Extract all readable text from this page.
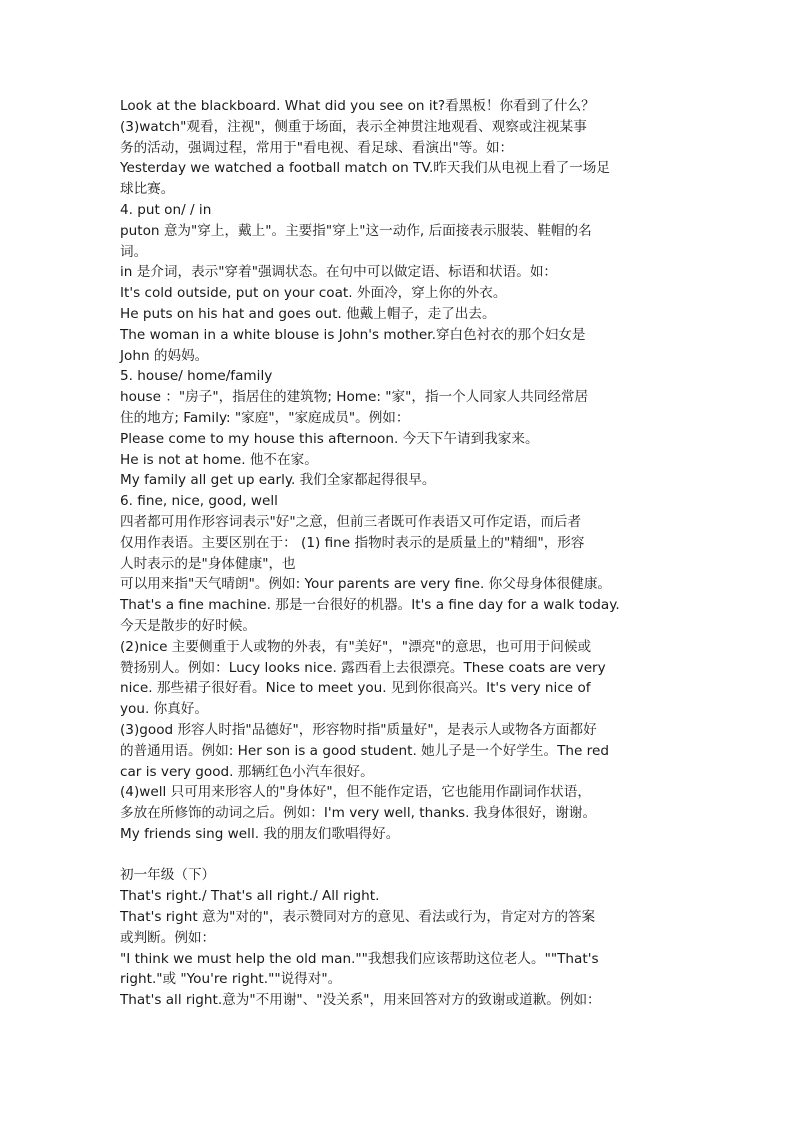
Look at the blackboard. What did you see on it?看黑板！你看到了什么？
(3)watch"观看，注视"，侧重于场面，表示全神贯注地观看、观察或注视某事
务的活动，强调过程，常用于"看电视、看足球、看演出"等。如：
Yesterday we watched a football match on TV.昨天我们从电视上看了一场足
球比赛。
4. put on/ / in
puton 意为"穿上，戴上"。主要指"穿上"这一动作, 后面接表示服装、鞋帽的名
词。
in 是介词，表示"穿着"强调状态。在句中可以做定语、标语和状语。如：
It's cold outside, put on your coat. 外面冷，穿上你的外衣。
He puts on his hat and goes out. 他戴上帽子，走了出去。
The woman in a white blouse is John's mother.穿白色衬衣的那个妇女是
John 的妈妈。
5. house/ home/family
house ："房子"，指居住的建筑物; Home: "家"，指一个人同家人共同经常居
住的地方; Family: "家庭"，"家庭成员"。例如：
Please come to my house this afternoon. 今天下午请到我家来。
He is not at home. 他不在家。
My family all get up early. 我们全家都起得很早。
6. fine, nice, good, well
四者都可用作形容词表示"好"之意，但前三者既可作表语又可作定语，而后者
仅用作表语。主要区别在于： (1) fine 指物时表示的是质量上的"精细"，形容
人时表示的是"身体健康"，也
可以用来指"天气晴朗"。例如: Your parents are very fine. 你父母身体很健康。
That's a fine machine. 那是一台很好的机器。It's a fine day for a walk today.
今天是散步的好时候。
(2)nice 主要侧重于人或物的外表，有"美好"，"漂亮"的意思，也可用于问候或
赞扬别人。例如：Lucy looks nice. 露西看上去很漂亮。These coats are very
nice. 那些裙子很好看。Nice to meet you. 见到你很高兴。It's very nice of
you. 你真好。
(3)good 形容人时指"品德好"，形容物时指"质量好"，是表示人或物各方面都好
的普通用语。例如: Her son is a good student. 她儿子是一个好学生。The red
car is very good. 那辆红色小汽车很好。
(4)well 只可用来形容人的"身体好"，但不能作定语，它也能用作副词作状语，
多放在所修饰的动词之后。例如：I'm very well, thanks. 我身体很好，谢谢。
My friends sing well. 我的朋友们歌唱得好。
初一年级（下）
That's right./ That's all right./ All right.
That's right 意为"对的"，表示赞同对方的意见、看法或行为，肯定对方的答案
或判断。例如：
"I think we must help the old man.""我想我们应该帮助这位老人。""That's
right."或 "You're right.""说得对"。
That's all right.意为"不用谢"、"没关系"，用来回答对方的致谢或道歉。例如：
